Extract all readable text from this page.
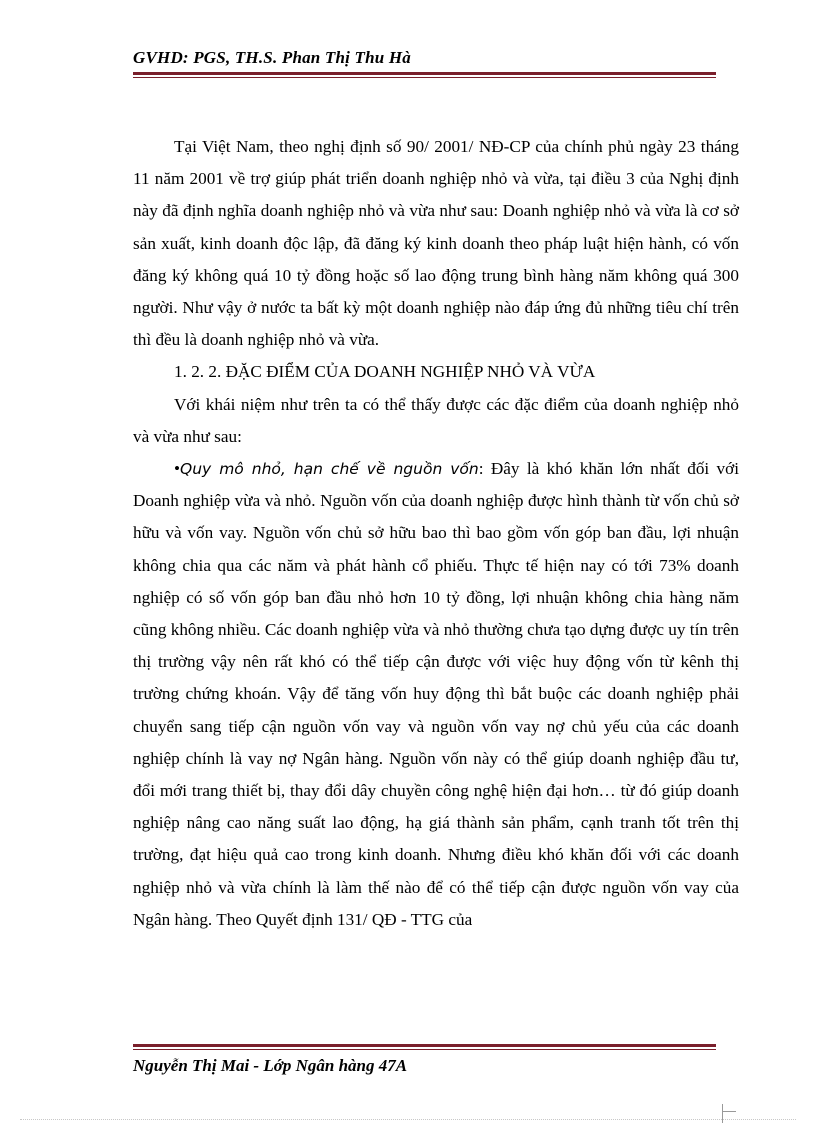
GVHD: PGS, TH.S. Phan Thị Thu Hà

Tại Việt Nam, theo nghị định số 90/ 2001/ NĐ-CP của chính phủ ngày 23 tháng 11 năm 2001 về trợ giúp phát triển doanh nghiệp nhỏ và vừa, tại điều 3 của Nghị định này đã định nghĩa doanh nghiệp nhỏ và vừa như sau: Doanh nghiệp nhỏ và vừa là cơ sở sản xuất, kinh doanh độc lập, đã đăng ký kinh doanh theo pháp luật hiện hành, có vốn đăng ký không quá 10 tỷ đồng hoặc số lao động trung bình hàng năm không quá 300 người. Như vậy ở nước ta bất kỳ một doanh nghiệp nào đáp ứng đủ những tiêu chí trên thì đều là doanh nghiệp nhỏ và vừa.

1. 2. 2. ĐẶC ĐIỂM CỦA DOANH NGHIỆP NHỎ VÀ VỪA

Với khái niệm như trên ta có thể thấy được các đặc điểm của doanh nghiệp nhỏ và vừa như sau:

•Quy mô nhỏ, hạn chế về nguồn vốn: Đây là khó khăn lớn nhất đối với Doanh nghiệp vừa và nhỏ. Nguồn vốn của doanh nghiệp được hình thành từ vốn chủ sở hữu và vốn vay. Nguồn vốn chủ sở hữu bao thì bao gồm vốn góp ban đầu, lợi nhuận không chia qua các năm và phát hành cổ phiếu. Thực tế hiện nay có tới 73% doanh nghiệp có số vốn góp ban đầu nhỏ hơn 10 tỷ đồng, lợi nhuận không chia hàng năm cũng không nhiều. Các doanh nghiệp vừa và nhỏ thường chưa tạo dựng được uy tín trên thị trường vậy nên rất khó có thể tiếp cận được với việc huy động vốn từ kênh thị trường chứng khoán. Vậy để tăng vốn huy động thì bắt buộc các doanh nghiệp phải chuyển sang tiếp cận nguồn vốn vay và nguồn vốn vay nợ chủ yếu của các doanh nghiệp chính là vay nợ Ngân hàng. Nguồn vốn này có thể giúp doanh nghiệp đầu tư, đổi mới trang thiết bị, thay đổi dây chuyền công nghệ hiện đại hơn… từ đó giúp doanh nghiệp nâng cao năng suất lao động, hạ giá thành sản phẩm, cạnh tranh tốt trên thị trường, đạt hiệu quả cao trong kinh doanh. Nhưng điều khó khăn đối với các doanh nghiệp nhỏ và vừa chính là làm thế nào để có thể tiếp cận được nguồn vốn vay của Ngân hàng. Theo Quyết định 131/ QĐ - TTG của

Nguyễn Thị Mai - Lớp Ngân hàng 47A
